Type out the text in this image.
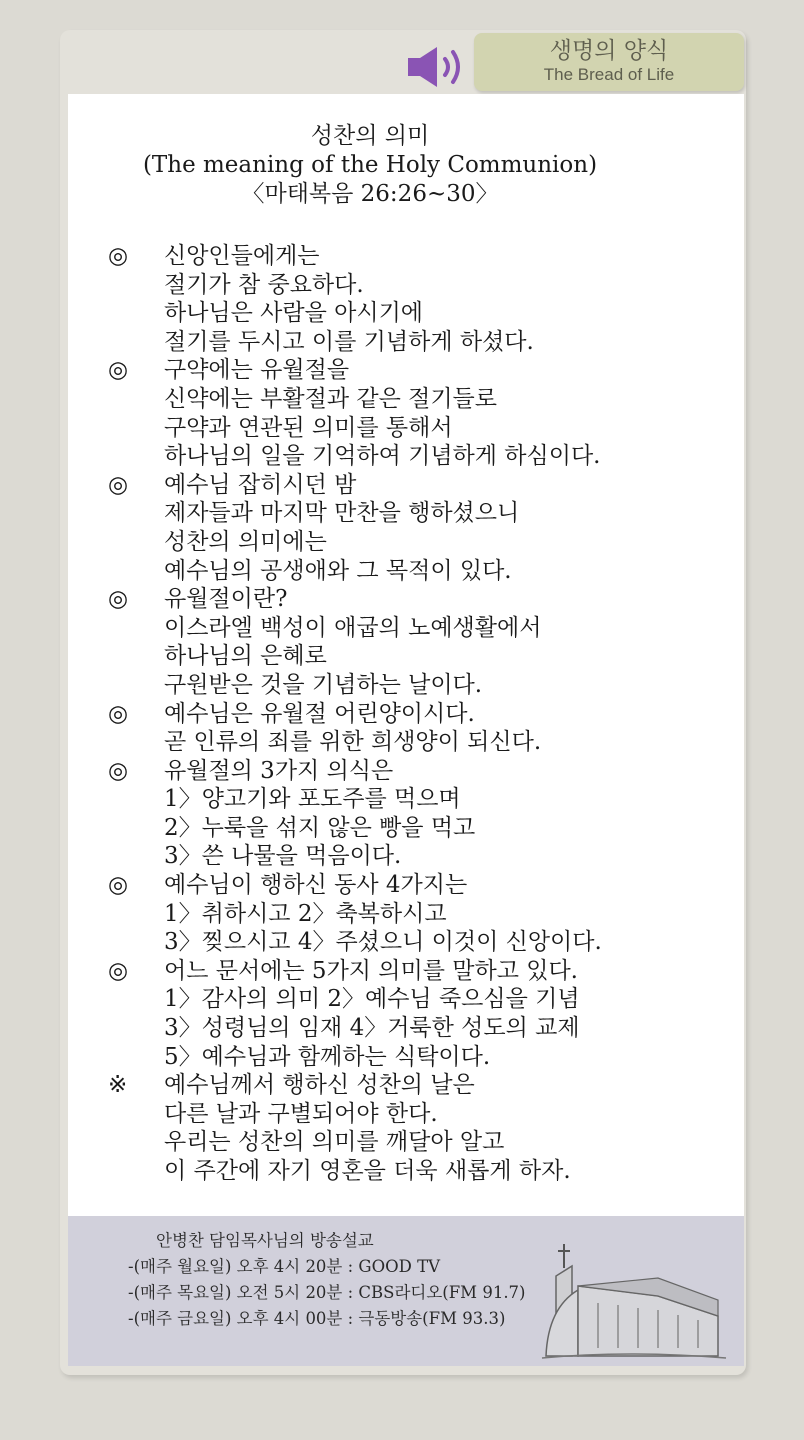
생명의 양식
The Bread of Life
성찬의 의미
(The meaning of the Holy Communion)
〈마태복음 26:26~30〉
◎	신앙인들에게는
절기가 참 중요하다.
하나님은 사람을 아시기에
절기를 두시고 이를 기념하게 하셨다.
◎	구약에는 유월절을
신약에는 부활절과 같은 절기들로
구약과 연관된 의미를 통해서
하나님의 일을 기억하여 기념하게 하심이다.
◎	예수님 잡히시던 밤
제자들과 마지막 만찬을 행하셨으니
성찬의 의미에는
예수님의 공생애와 그 목적이 있다.
◎	유월절이란?
이스라엘 백성이 애굽의 노예생활에서
하나님의 은혜로
구원받은 것을 기념하는 날이다.
◎	예수님은 유월절 어린양이시다.
곧 인류의 죄를 위한 희생양이 되신다.
◎	유월절의 3가지 의식은
1〉양고기와 포도주를 먹으며
2〉누룩을 섞지 않은 빵을 먹고
3〉쓴 나물을 먹음이다.
◎	예수님이 행하신 동사 4가지는
1〉취하시고 2〉축복하시고
3〉찢으시고 4〉주셨으니 이것이 신앙이다.
◎	어느 문서에는 5가지 의미를 말하고 있다.
1〉감사의 의미 2〉예수님 죽으심을 기념
3〉성령님의 임재 4〉거룩한 성도의 교제
5〉예수님과 함께하는 식탁이다.
※	예수님께서 행하신 성찬의 날은
다른 날과 구별되어야 한다.
우리는 성찬의 의미를 깨달아 알고
이 주간에 자기 영혼을 더욱 새롭게 하자.
안병찬 담임목사님의 방송설교
-(매주 월요일) 오후 4시 20분 : GOOD TV
-(매주 목요일) 오전 5시 20분 : CBS라디오(FM 91.7)
-(매주 금요일) 오후 4시 00분 : 극동방송(FM 93.3)
